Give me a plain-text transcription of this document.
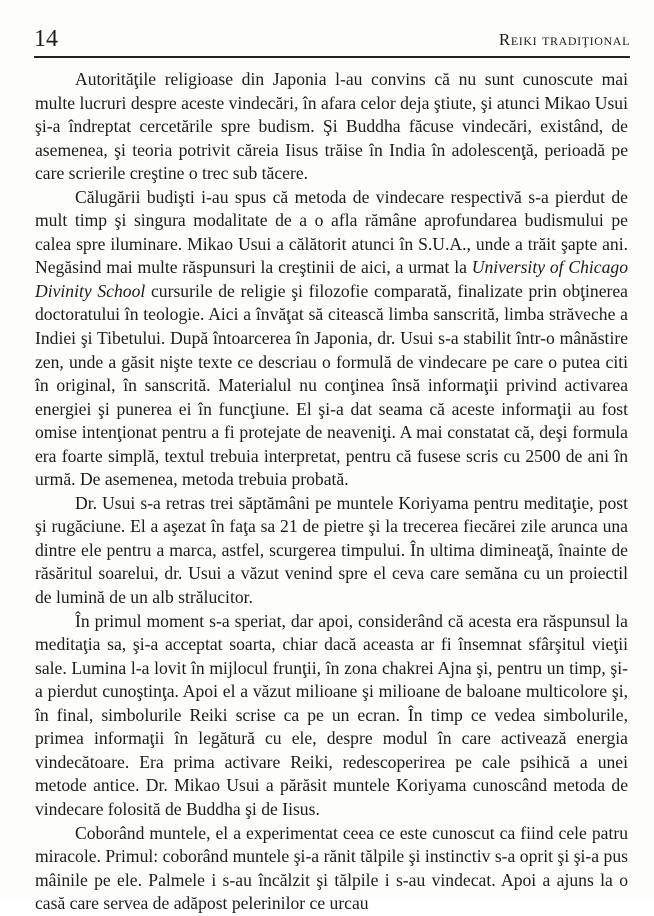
14	Reiki tradiţional

Autorităţile religioase din Japonia l-au convins că nu sunt cunoscute mai multe lucruri despre aceste vindecări, în afara celor deja ştiute, şi atunci Mikao Usui şi-a îndreptat cercetările spre budism. Şi Buddha făcuse vindecări, existând, de asemenea, şi teoria potrivit căreia Iisus trăise în India în adolescenţă, perioadă pe care scrierile creştine o trec sub tăcere.

Călugării budişti i-au spus că metoda de vindecare respectivă s-a pierdut de mult timp şi singura modalitate de a o afla rămâne aprofundarea budismului pe calea spre iluminare. Mikao Usui a călătorit atunci în S.U.A., unde a trăit şapte ani. Negăsind mai multe răspunsuri la creştinii de aici, a urmat la University of Chicago Divinity School cursurile de religie şi filozofie comparată, finalizate prin obţinerea doctoratului în teologie. Aici a învăţat să citească limba sanscrită, limba străveche a Indiei şi Tibetului. După întoarcerea în Japonia, dr. Usui s-a stabilit într-o mânăstire zen, unde a găsit nişte texte ce descriau o formulă de vindecare pe care o putea citi în original, în sanscrită. Materialul nu conţinea însă informaţii privind activarea energiei şi punerea ei în funcţiune. El şi-a dat seama că aceste informaţii au fost omise intenţionat pentru a fi protejate de neaveniţi. A mai constatat că, deşi formula era foarte simplă, textul trebuia interpretat, pentru că fusese scris cu 2500 de ani în urmă. De asemenea, metoda trebuia probată.

Dr. Usui s-a retras trei săptămâni pe muntele Koriyama pentru meditaţie, post şi rugăciune. El a aşezat în faţa sa 21 de pietre şi la trecerea fiecărei zile arunca una dintre ele pentru a marca, astfel, scurgerea timpului. În ultima dimineaţă, înainte de răsăritul soarelui, dr. Usui a văzut venind spre el ceva care semăna cu un proiectil de lumină de un alb strălucitor.

În primul moment s-a speriat, dar apoi, considerând că acesta era răspunsul la meditaţia sa, şi-a acceptat soarta, chiar dacă aceasta ar fi însemnat sfârşitul vieţii sale. Lumina l-a lovit în mijlocul frunţii, în zona chakrei Ajna şi, pentru un timp, şi-a pierdut cunoştinţa. Apoi el a văzut milioane şi milioane de baloane multicolore şi, în final, simbolurile Reiki scrise ca pe un ecran. În timp ce vedea simbolurile, primea informaţii în legătură cu ele, despre modul în care activează energia vindecătoare. Era prima activare Reiki, redescoperirea pe cale psihică a unei metode antice. Dr. Mikao Usui a părăsit muntele Koriyama cunoscând metoda de vindecare folosită de Buddha şi de Iisus.

Coborând muntele, el a experimentat ceea ce este cunoscut ca fiind cele patru miracole. Primul: coborând muntele şi-a rănit tălpile şi instinctiv s-a oprit şi şi-a pus mâinile pe ele. Palmele i s-au încălzit şi tălpile i s-au vindecat. Apoi a ajuns la o casă care servea de adăpost pelerinilor ce urcau
